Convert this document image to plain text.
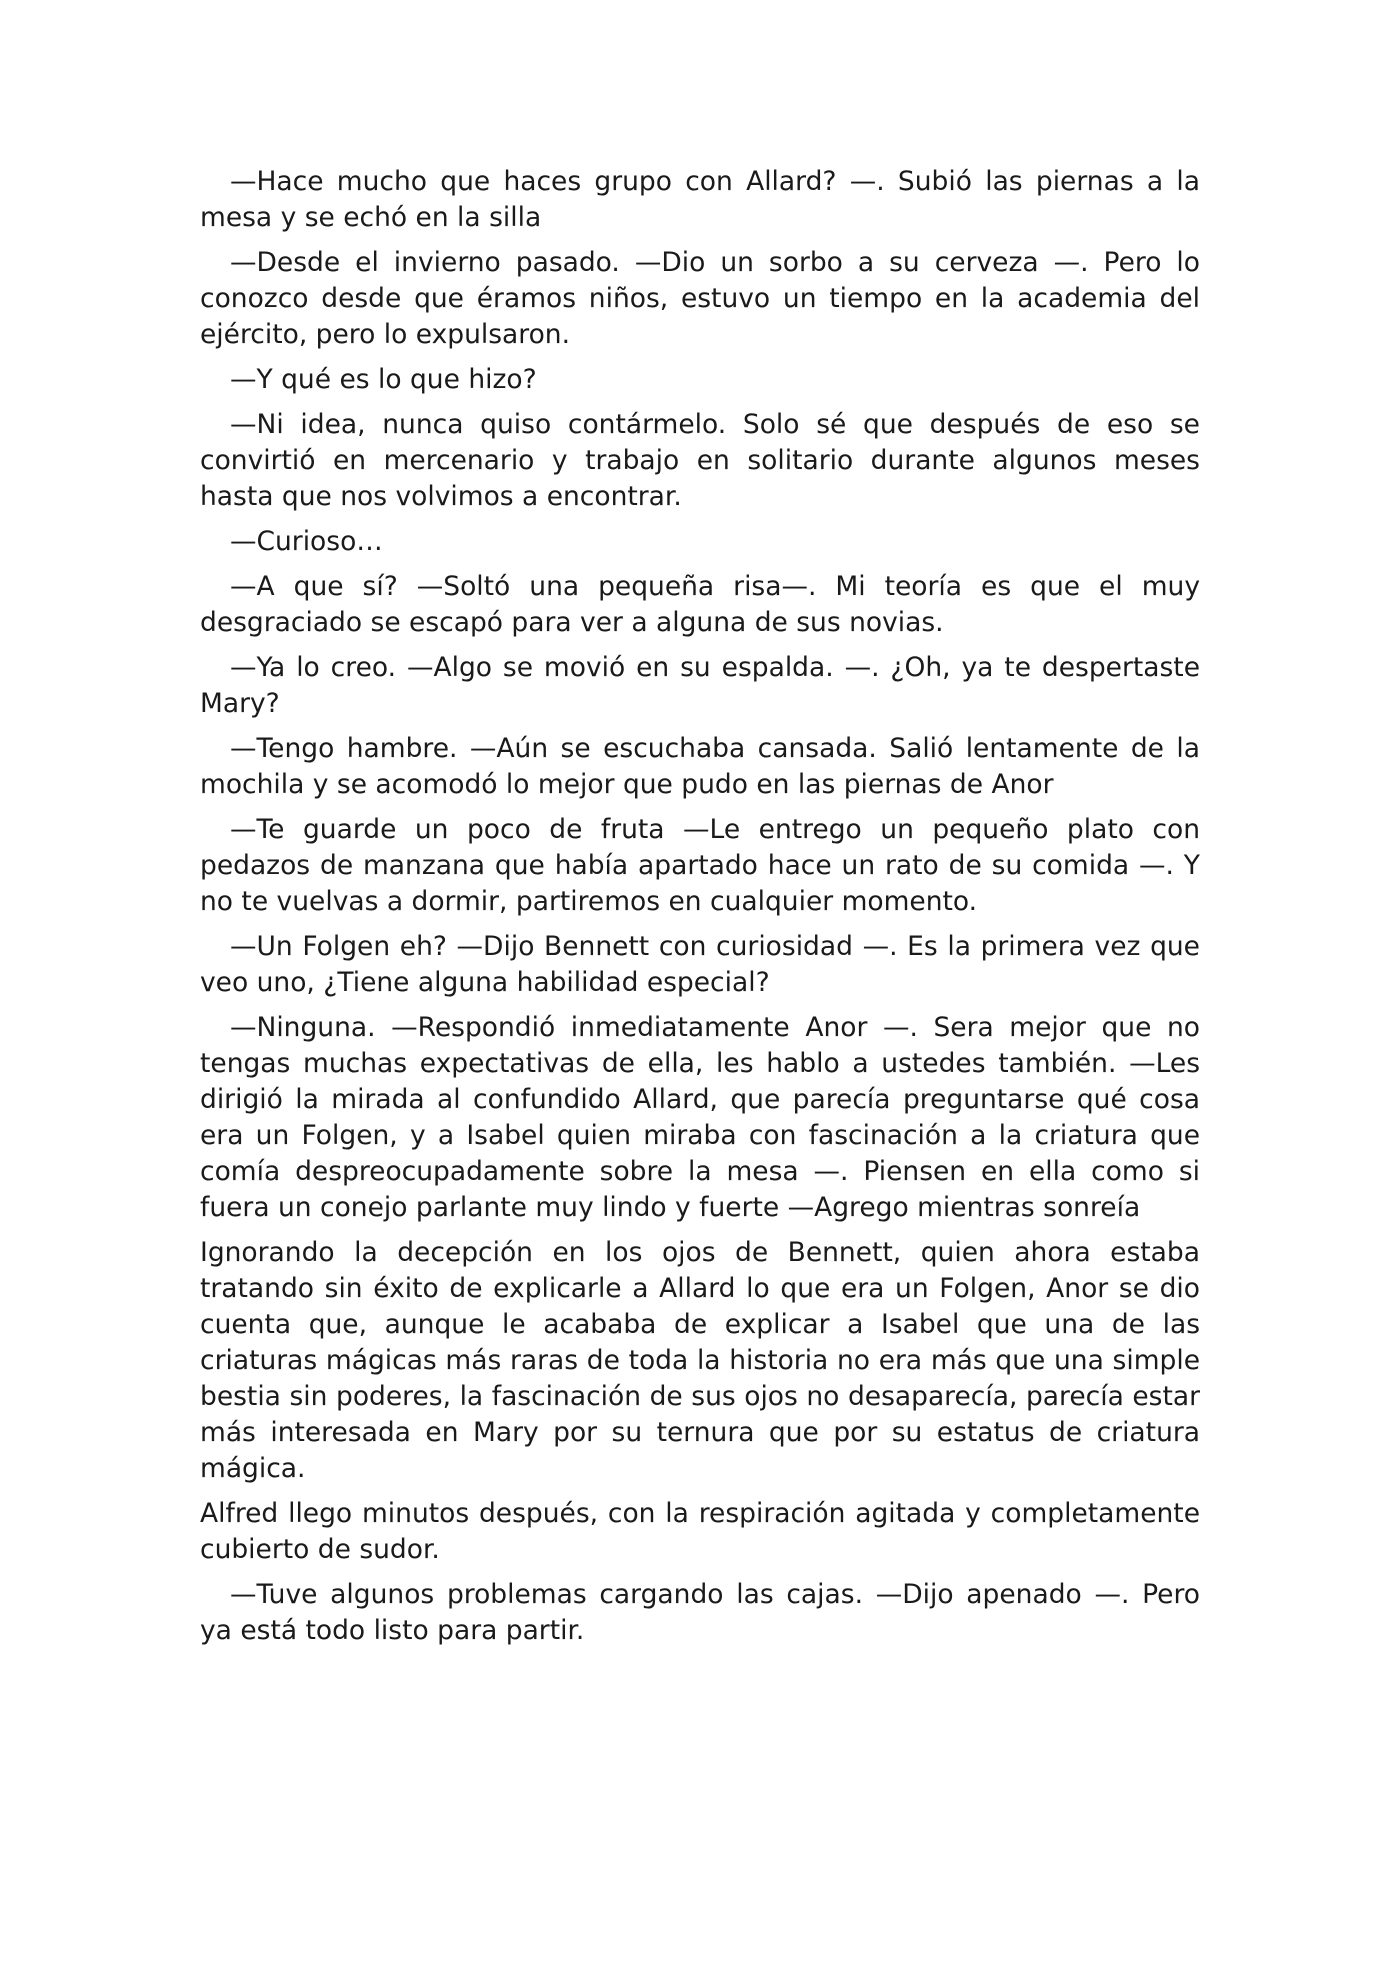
—Hace mucho que haces grupo con Allard? —. Subió las piernas a la mesa y se echó en la silla

—Desde el invierno pasado. —Dio un sorbo a su cerveza —. Pero lo conozco desde que éramos niños, estuvo un tiempo en la academia del ejército, pero lo expulsaron.

—Y qué es lo que hizo?

—Ni idea, nunca quiso contármelo. Solo sé que después de eso se convirtió en mercenario y trabajo en solitario durante algunos meses hasta que nos volvimos a encontrar.

—Curioso…

—A que sí? —Soltó una pequeña risa—. Mi teoría es que el muy desgraciado se escapó para ver a alguna de sus novias.

—Ya lo creo. —Algo se movió en su espalda. —. ¿Oh, ya te despertaste Mary?

—Tengo hambre. —Aún se escuchaba cansada. Salió lentamente de la mochila y se acomodó lo mejor que pudo en las piernas de Anor

—Te guarde un poco de fruta —Le entrego un pequeño plato con pedazos de manzana que había apartado hace un rato de su comida —. Y no te vuelvas a dormir, partiremos en cualquier momento.

—Un Folgen eh? —Dijo Bennett con curiosidad —. Es la primera vez que veo uno, ¿Tiene alguna habilidad especial?

—Ninguna. —Respondió inmediatamente Anor —. Sera mejor que no tengas muchas expectativas de ella, les hablo a ustedes también. —Les dirigió la mirada al confundido Allard, que parecía preguntarse qué cosa era un Folgen, y a Isabel quien miraba con fascinación a la criatura que comía despreocupadamente sobre la mesa —. Piensen en ella como si fuera un conejo parlante muy lindo y fuerte —Agrego mientras sonreía

Ignorando la decepción en los ojos de Bennett, quien ahora estaba tratando sin éxito de explicarle a Allard lo que era un Folgen, Anor se dio cuenta que, aunque le acababa de explicar a Isabel que una de las criaturas mágicas más raras de toda la historia no era más que una simple bestia sin poderes, la fascinación de sus ojos no desaparecía, parecía estar más interesada en Mary por su ternura que por su estatus de criatura mágica.

Alfred llego minutos después, con la respiración agitada y completamente cubierto de sudor.

—Tuve algunos problemas cargando las cajas. —Dijo apenado —. Pero ya está todo listo para partir.
